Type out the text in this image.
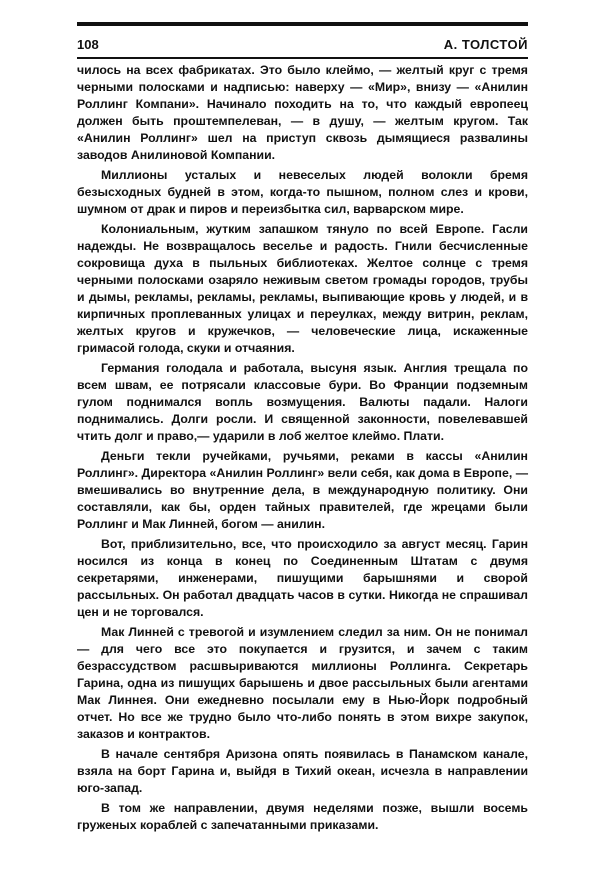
108	А. ТОЛСТОЙ

чилось на всех фабрикатах. Это было клеймо, — желтый круг с тремя черными полосками и надписью: наверху — «Мир», внизу — «Анилин Роллинг Компани». Начинало походить на то, что каждый европеец должен быть проштемпелеван, — в душу, — желтым кругом. Так «Анилин Роллинг» шел на приступ сквозь дымящиеся развалины заводов Анилиновой Компании.

Миллионы усталых и невеселых людей волокли бремя безысходных будней в этом, когда-то пышном, полном слез и крови, шумном от драк и пиров и переизбытка сил, варварском мире.

Колониальным, жутким запашком тянуло по всей Европе. Гасли надежды. Не возвращалось веселье и радость. Гнили бесчисленные сокровища духа в пыльных библиотеках. Желтое солнце с тремя черными полосками озаряло неживым светом громады городов, трубы и дымы, рекламы, рекламы, рекламы, выпивающие кровь у людей, и в кирпичных проплеванных улицах и переулках, между витрин, реклам, желтых кругов и кружечков, — человеческие лица, искаженные гримасой голода, скуки и отчаяния.

Германия голодала и работала, высуня язык. Англия трещала по всем швам, ее потрясали классовые бури. Во Франции подземным гулом поднимался вопль возмущения. Валюты падали. Налоги поднимались. Долги росли. И священной законности, повелевавшей чтить долг и право,— ударили в лоб желтое клеймо. Плати.

Деньги текли ручейками, ручьями, реками в кассы «Анилин Роллинг». Директора «Анилин Роллинг» вели себя, как дома в Европе, — вмешивались во внутренние дела, в международную политику. Они составляли, как бы, орден тайных правителей, где жрецами были Роллинг и Мак Линней, богом — анилин.

Вот, приблизительно, все, что происходило за август месяц. Гарин носился из конца в конец по Соединенным Штатам с двумя секретарями, инженерами, пишущими барышнями и сворой рассыльных. Он работал двадцать часов в сутки. Никогда не спрашивал цен и не торговался.

Мак Линней с тревогой и изумлением следил за ним. Он не понимал — для чего все это покупается и грузится, и зачем с таким безрассудством расшвыриваются миллионы Роллинга. Секретарь Гарина, одна из пишущих барышень и двое рассыльных были агентами Мак Линнея. Они ежедневно посылали ему в Нью-Йорк подробный отчет. Но все же трудно было что-либо понять в этом вихре закупок, заказов и контрактов.

В начале сентября Аризона опять появилась в Панамском канале, взяла на борт Гарина и, выйдя в Тихий океан, исчезла в направлении юго-запад.

В том же направлении, двумя неделями позже, вышли восемь груженых кораблей с запечатанными приказами.
